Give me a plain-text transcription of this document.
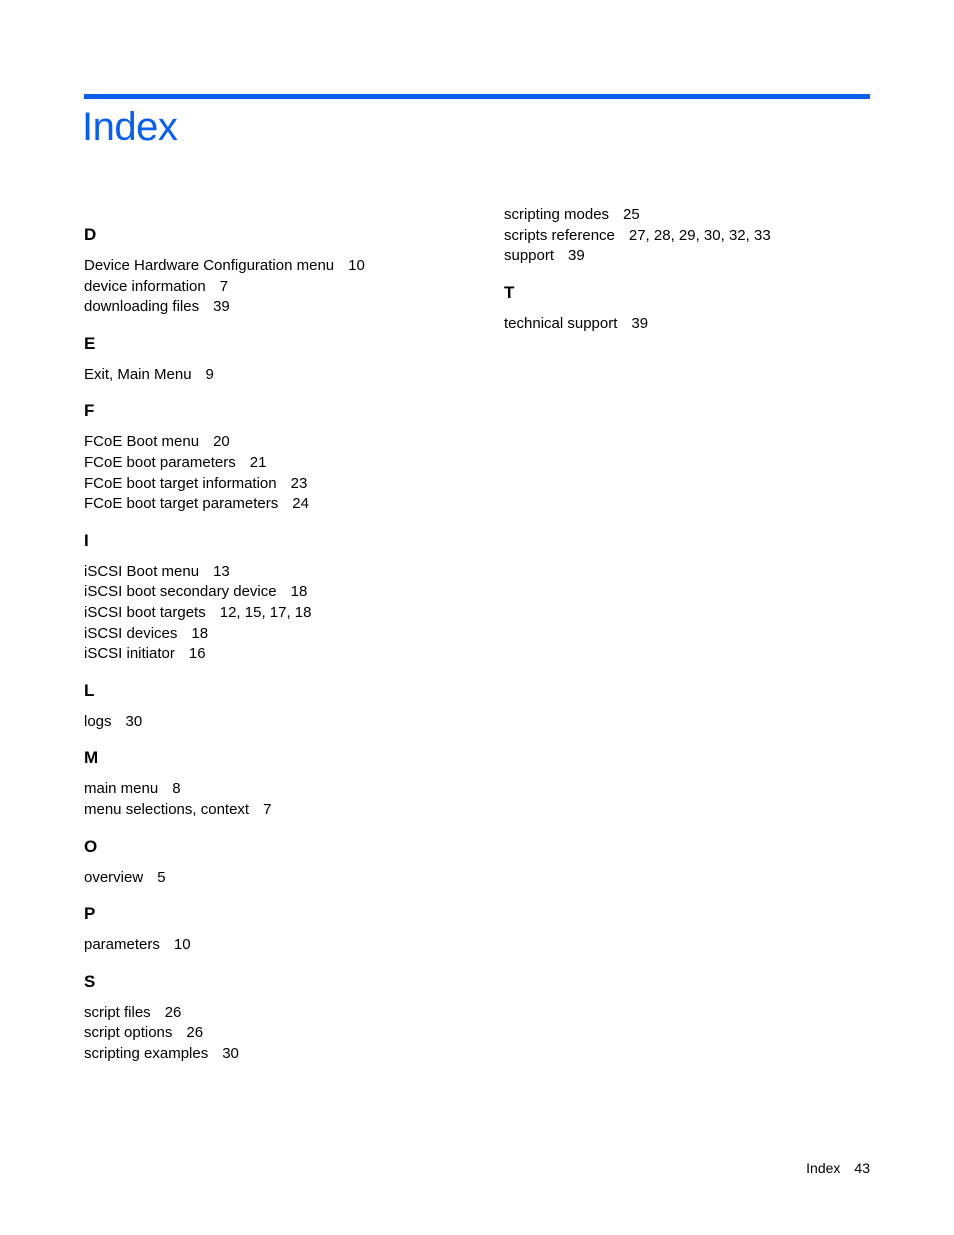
Index
D
Device Hardware Configuration menu 10
device information 7
downloading files 39
E
Exit, Main Menu 9
F
FCoE Boot menu 20
FCoE boot parameters 21
FCoE boot target information 23
FCoE boot target parameters 24
I
iSCSI Boot menu 13
iSCSI boot secondary device 18
iSCSI boot targets 12, 15, 17, 18
iSCSI devices 18
iSCSI initiator 16
L
logs 30
M
main menu 8
menu selections, context 7
O
overview 5
P
parameters 10
S
script files 26
script options 26
scripting examples 30
scripting modes 25
scripts reference 27, 28, 29, 30, 32, 33
support 39
T
technical support 39
Index 43
